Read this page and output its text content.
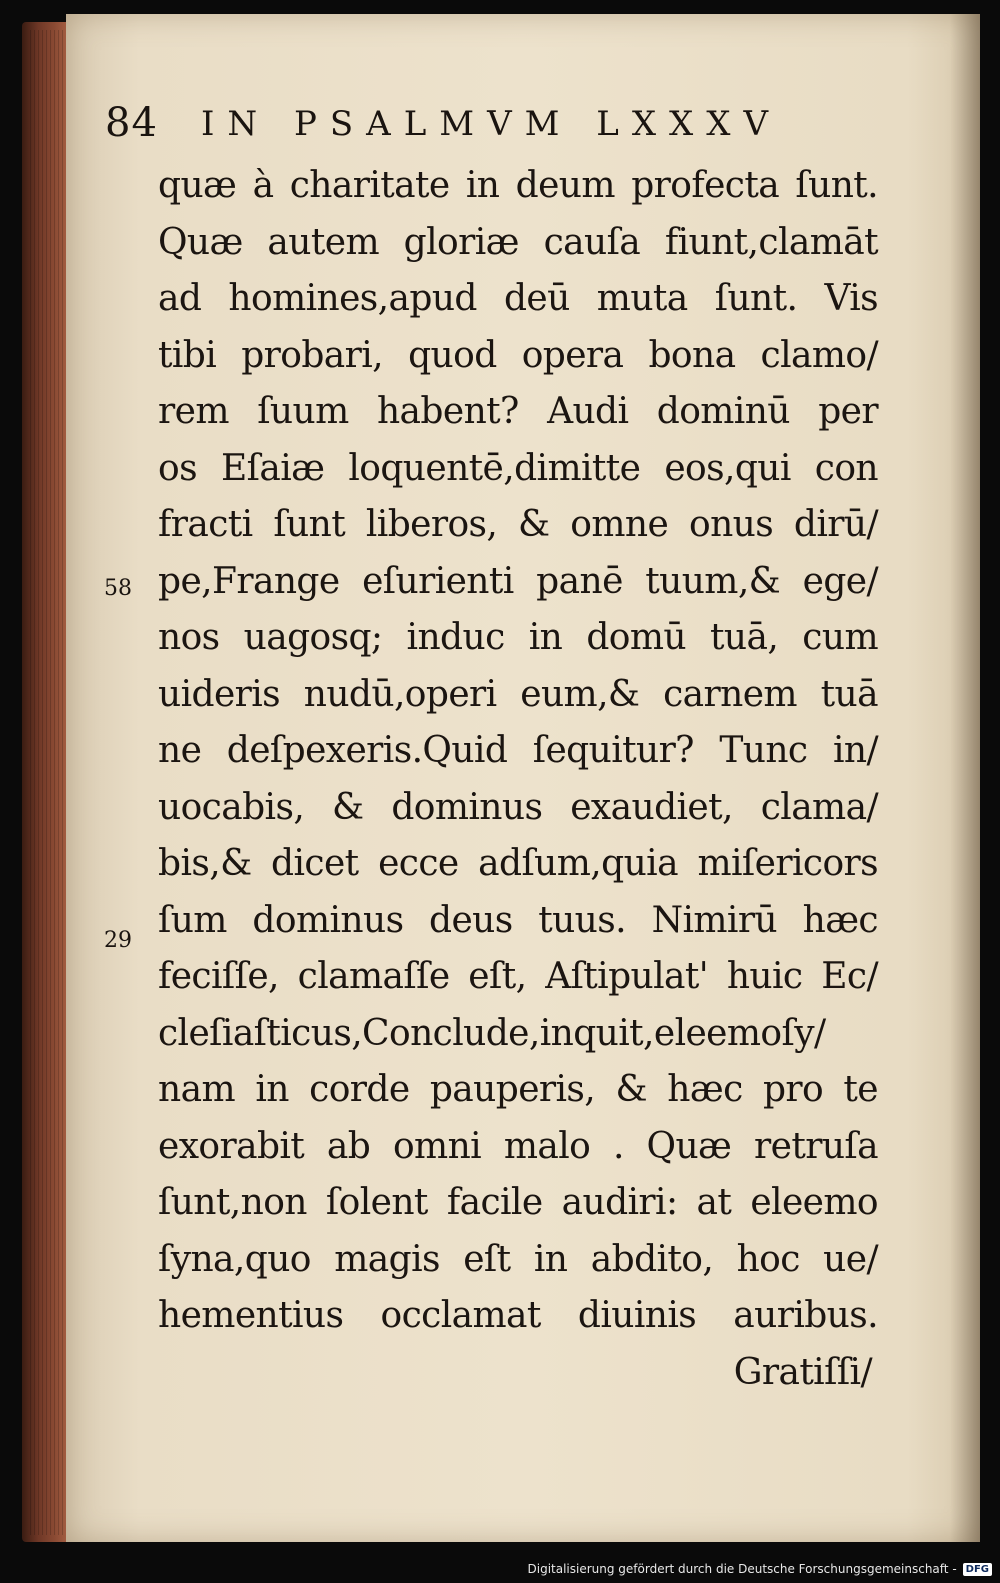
84 IN PSALMVM LXXXV
58
29
quæ à charitate in deum profecta ſunt.
Quæ autem gloriæ cauſa fiunt,clamāt
ad homines,apud deū muta ſunt. Vis
tibi probari, quod opera bona clamo/
rem ſuum habent? Audi dominū per
os Eſaiæ loquentē,dimitte eos,qui con
fracti ſunt liberos, & omne onus dirū/
pe,Frange eſurienti panē tuum,& ege/
nos uagosq; induc in domū tuā, cum
uideris nudū,operi eum,& carnem tuā
ne deſpexeris.Quid ſequitur? Tunc in/
uocabis, & dominus exaudiet, clama/
bis,& dicet ecce adſum,quia miſericors
ſum dominus deus tuus. Nimirū hæc
feciſſe, clamaſſe eſt, Aſtipulat' huic Ec/
cleſiaſticus,Conclude,inquit,eleemoſy/
nam in corde pauperis, & hæc pro te
exorabit ab omni malo . Quæ retruſa
ſunt,non ſolent facile audiri: at eleemo
ſyna,quo magis eſt in abdito, hoc ue/
hementius occlamat diuinis auribus.
Gratiſſi/
Digitalisierung gefördert durch die Deutsche Forschungsgemeinschaft - DFG
